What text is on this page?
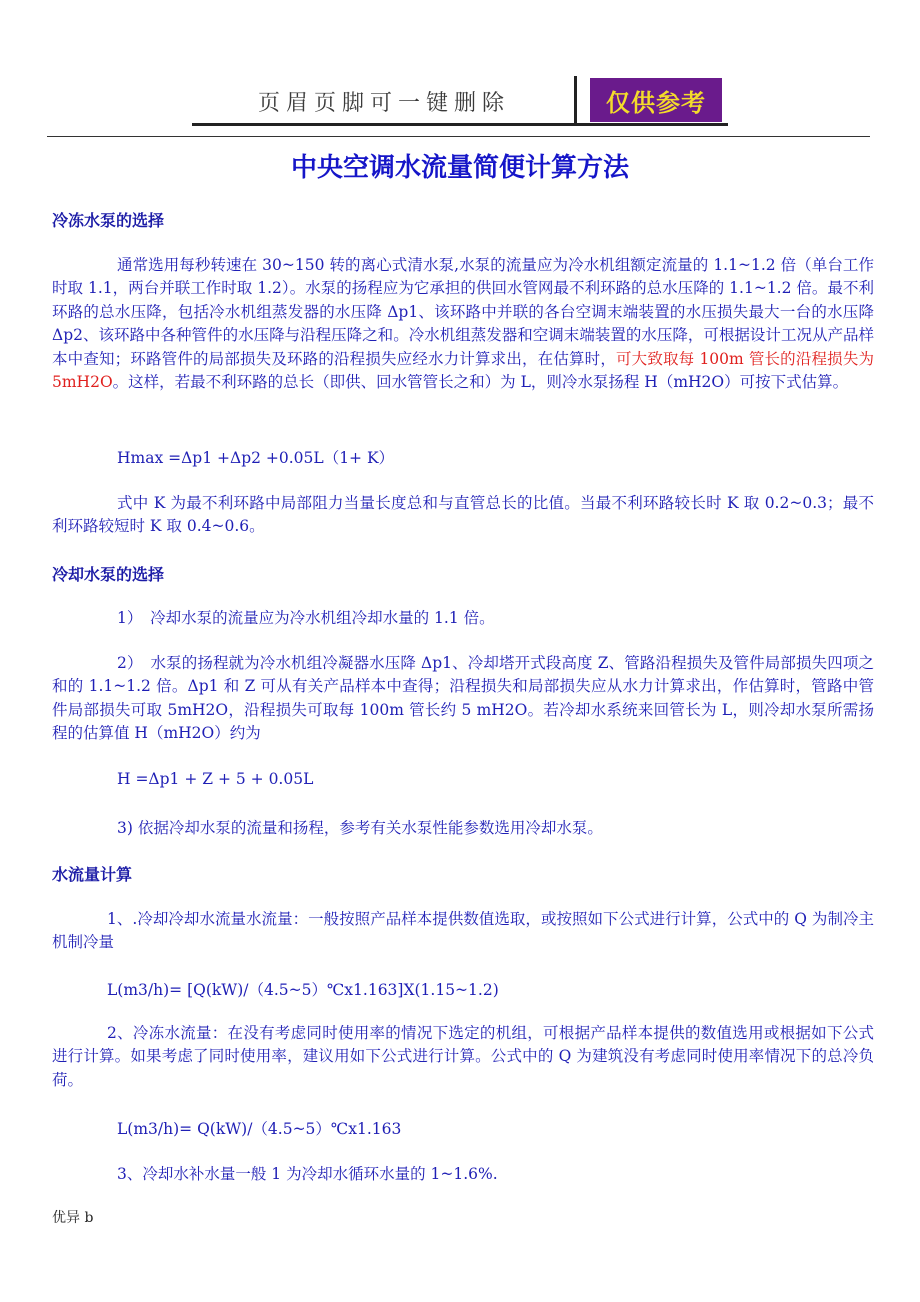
页眉页脚可一键删除	仅供参考
中央空调水流量简便计算方法
冷冻水泵的选择
通常选用每秒转速在 30~150 转的离心式清水泵,水泵的流量应为冷水机组额定流量的 1.1~1.2 倍（单台工作时取 1.1，两台并联工作时取 1.2）。水泵的扬程应为它承担的供回水管网最不利环路的总水压降的 1.1~1.2 倍。最不利环路的总水压降，包括冷水机组蒸发器的水压降 Δp1、该环路中并联的各台空调末端装置的水压损失最大一台的水压降 Δp2、该环路中各种管件的水压降与沿程压降之和。冷水机组蒸发器和空调末端装置的水压降，可根据设计工况从产品样本中查知；环路管件的局部损失及环路的沿程损失应经水力计算求出，在估算时，可大致取每 100m 管长的沿程损失为 5mH2O。这样，若最不利环路的总长（即供、回水管管长之和）为 L，则冷水泵扬程 H（mH2O）可按下式估算。
Hmax =Δp1 +Δp2 +0.05L（1+ K）
式中 K 为最不利环路中局部阻力当量长度总和与直管总长的比值。当最不利环路较长时 K 取 0.2~0.3；最不利环路较短时 K 取 0.4~0.6。
冷却水泵的选择
1）　冷却水泵的流量应为冷水机组冷却水量的 1.1 倍。
2）　水泵的扬程就为冷水机组冷凝器水压降 Δp1、冷却塔开式段高度 Z、管路沿程损失及管件局部损失四项之和的 1.1~1.2 倍。Δp1 和 Z 可从有关产品样本中查得；沿程损失和局部损失应从水力计算求出，作估算时，管路中管件局部损失可取 5mH2O，沿程损失可取每 100m 管长约 5 mH2O。若冷却水系统来回管长为 L，则冷却水泵所需扬程的估算值 H（mH2O）约为
H =Δp1 + Z + 5 + 0.05L
3) 依据冷却水泵的流量和扬程，参考有关水泵性能参数选用冷却水泵。
水流量计算
1、.冷却冷却水流量水流量：一般按照产品样本提供数值选取，或按照如下公式进行计算，公式中的 Q 为制冷主机制冷量
L(m3/h)= [Q(kW)/（4.5~5）℃x1.163]X(1.15~1.2)
2、冷冻水流量：在没有考虑同时使用率的情况下选定的机组，可根据产品样本提供的数值选用或根据如下公式进行计算。如果考虑了同时使用率，建议用如下公式进行计算。公式中的 Q 为建筑没有考虑同时使用率情况下的总冷负荷。
L(m3/h)= Q(kW)/（4.5~5）℃x1.163
3、冷却水补水量一般 1 为冷却水循环水量的 1~1.6%.
优异 b
